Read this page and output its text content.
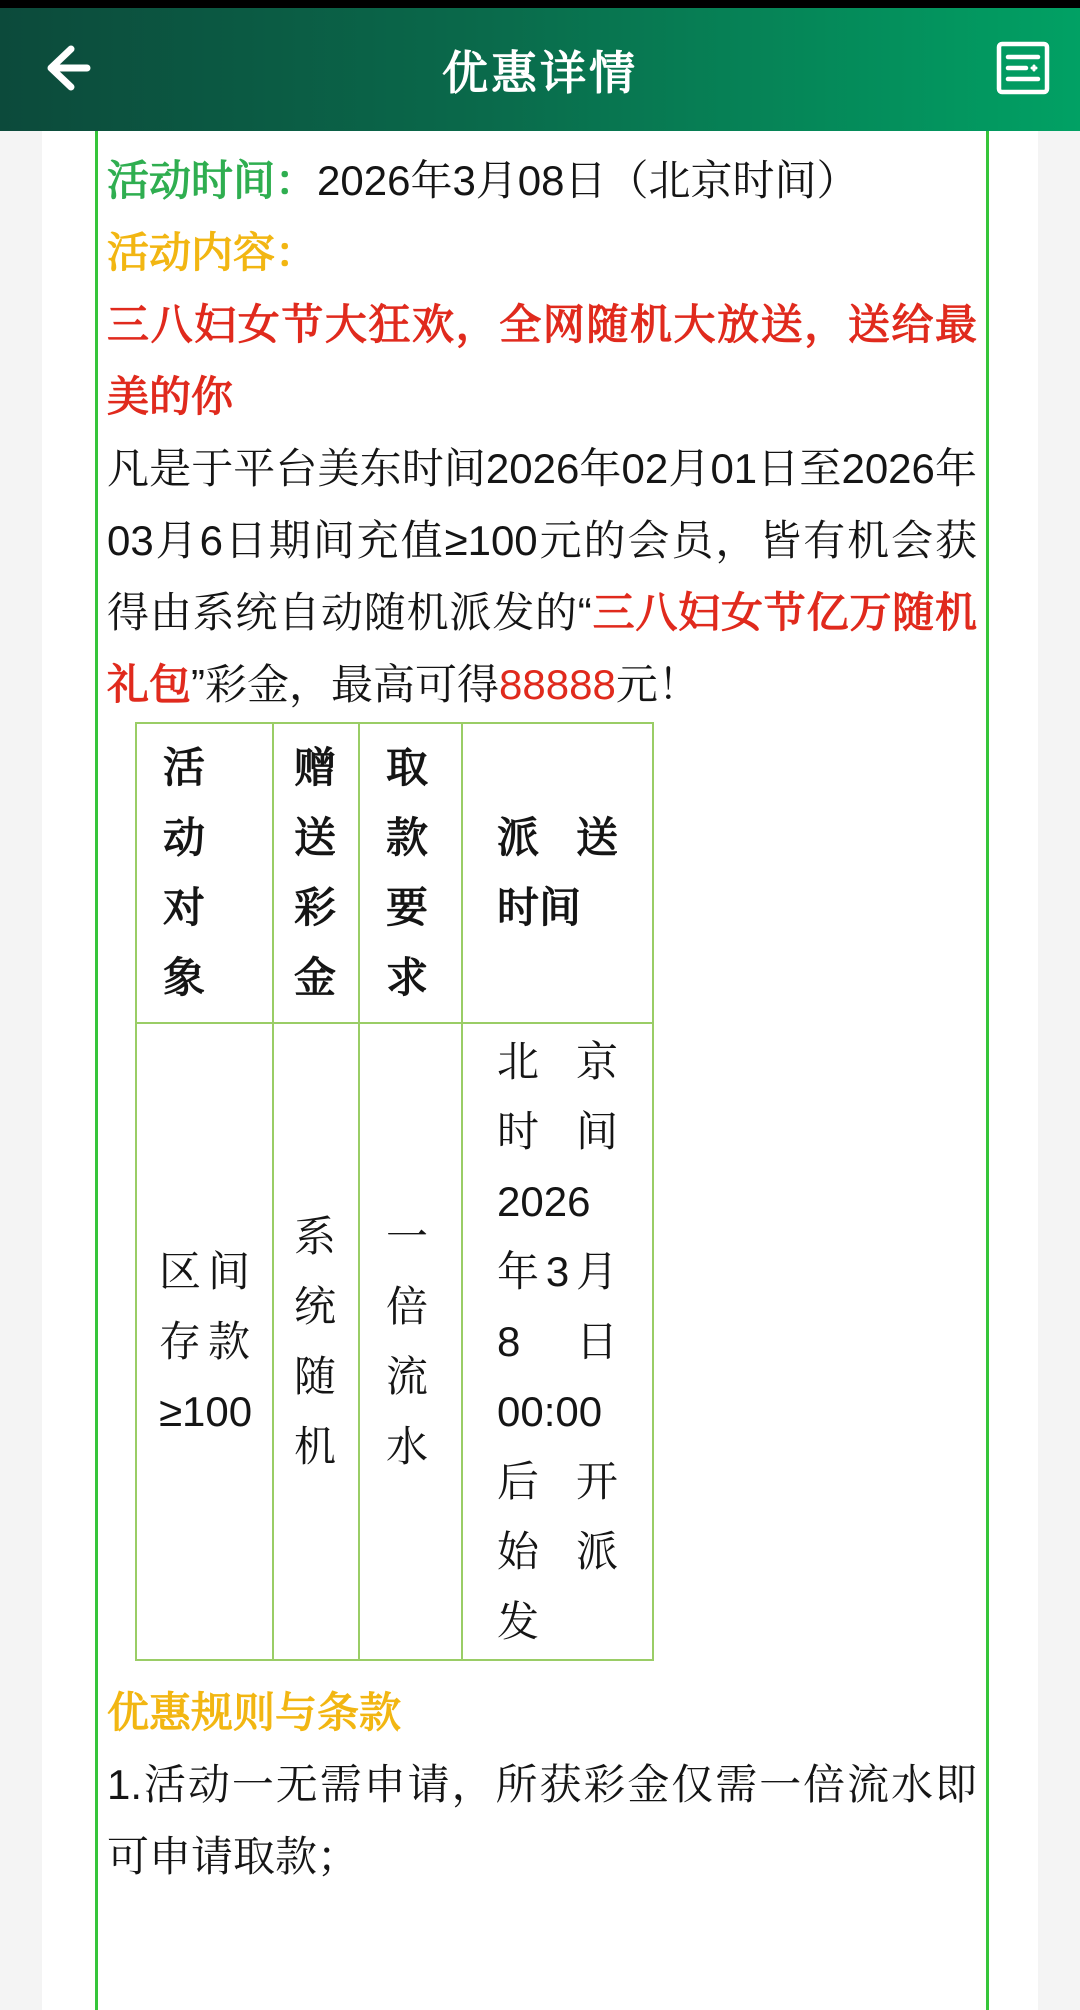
优惠详情

活动时间：2026年3月08日（北京时间）

活动内容：

三八妇女节大狂欢，全网随机大放送，送给最美的你

凡是于平台美东时间2026年02月01日至2026年03月6日期间充值≥100元的会员，皆有机会获得由系统自动随机派发的“三八妇女节亿万随机礼包”彩金，最高可得88888元！

活动对象	赠送彩金	取款要求	派送时间
区间存款≥100	系统随机	一倍流水	北京时间2026年3月8日 00:00后开始派发

优惠规则与条款

1.活动一无需申请，所获彩金仅需一倍流水即可申请取款；
